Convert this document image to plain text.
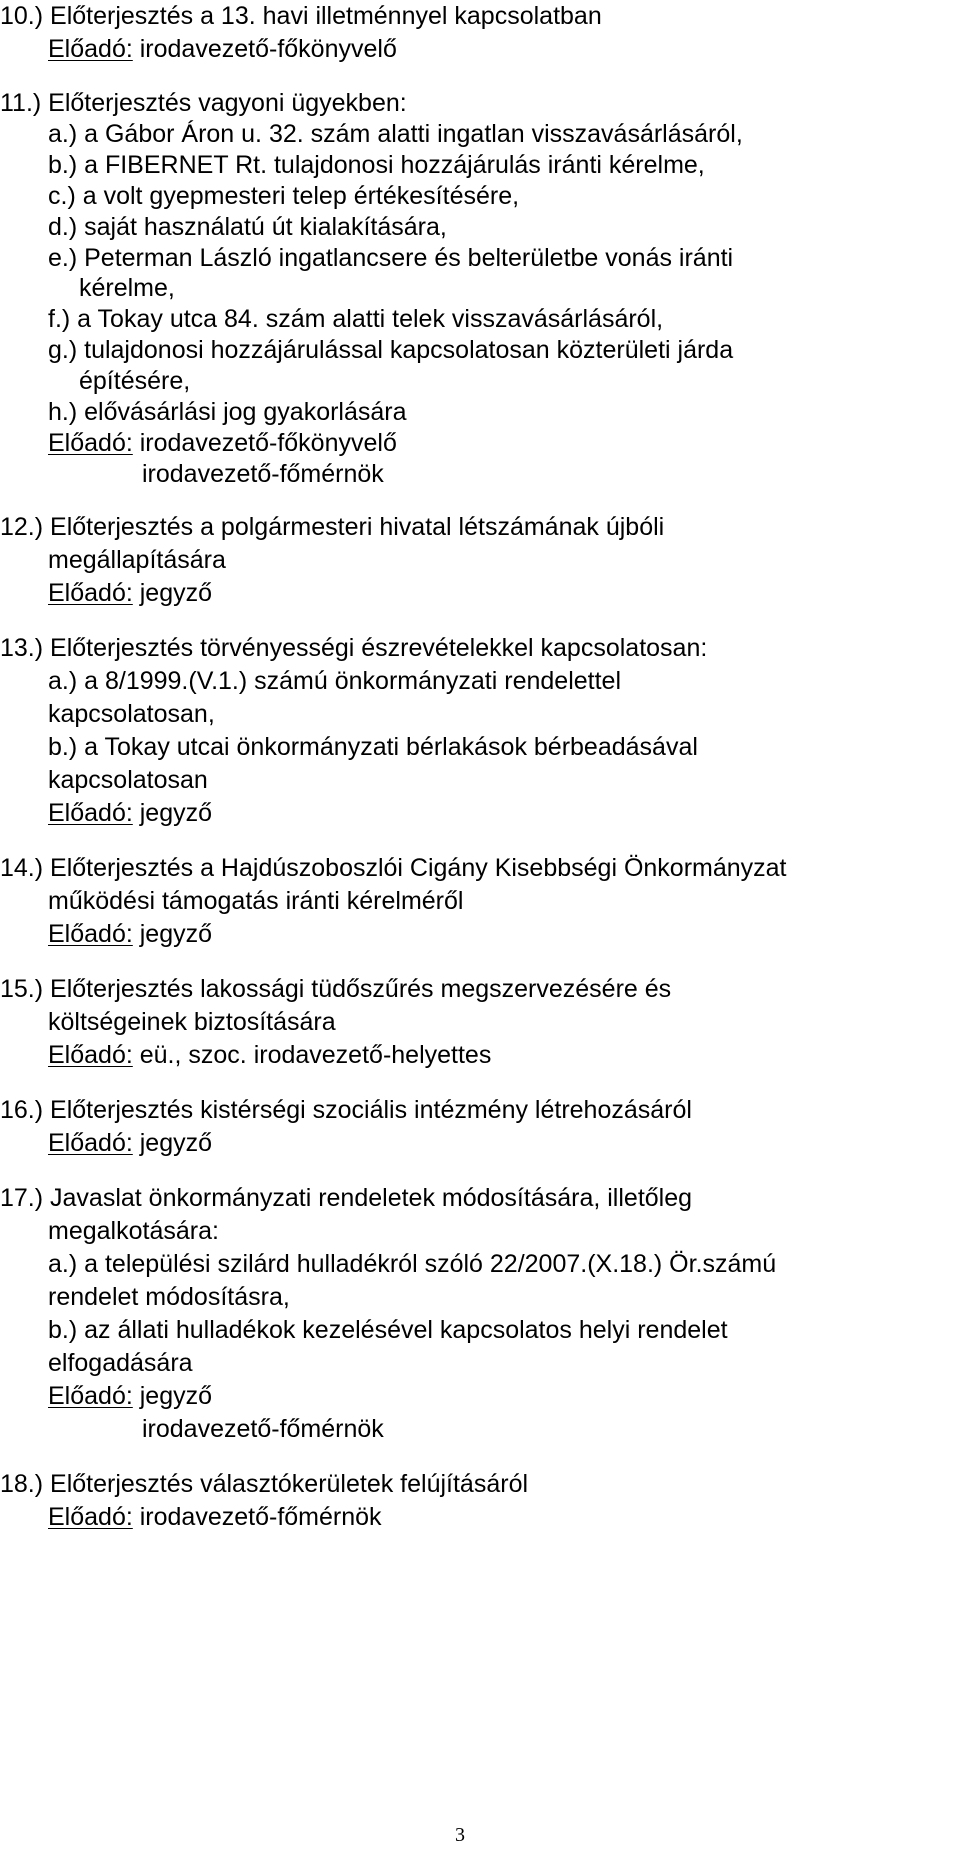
10.) Előterjesztés a 13. havi illetménnyel kapcsolatban
Előadó: irodavezető-főkönyvelő
11.) Előterjesztés vagyoni ügyekben:
a.) a Gábor Áron u. 32. szám alatti ingatlan visszavásárlásáról,
b.) a FIBERNET Rt. tulajdonosi hozzájárulás iránti kérelme,
c.) a volt gyepmesteri telep értékesítésére,
d.) saját használatú út kialakítására,
e.) Peterman László ingatlancsere és belterületbe vonás iránti
kérelme,
f.) a Tokay utca 84. szám alatti telek visszavásárlásáról,
g.) tulajdonosi hozzájárulással kapcsolatosan közterületi járda
építésére,
h.) elővásárlási jog gyakorlására
Előadó: irodavezető-főkönyvelő
irodavezető-főmérnök
12.) Előterjesztés a polgármesteri hivatal létszámának újbóli
megállapítására
Előadó: jegyző
13.) Előterjesztés törvényességi észrevételekkel kapcsolatosan:
a.) a 8/1999.(V.1.) számú önkormányzati rendelettel
kapcsolatosan,
b.) a Tokay utcai önkormányzati bérlakások bérbeadásával
kapcsolatosan
Előadó: jegyző
14.) Előterjesztés a Hajdúszoboszlói Cigány Kisebbségi Önkormányzat
működési támogatás iránti kérelméről
Előadó: jegyző
15.) Előterjesztés lakossági tüdőszűrés megszervezésére és
költségeinek biztosítására
Előadó: eü., szoc. irodavezető-helyettes
16.) Előterjesztés kistérségi szociális intézmény létrehozásáról
Előadó: jegyző
17.) Javaslat önkormányzati rendeletek módosítására, illetőleg
megalkotására:
a.) a települési szilárd hulladékról szóló 22/2007.(X.18.) Ör.számú
rendelet módosításra,
b.) az állati hulladékok kezelésével kapcsolatos helyi rendelet
elfogadására
Előadó: jegyző
irodavezető-főmérnök
18.) Előterjesztés választókerületek felújításáról
Előadó: irodavezető-főmérnök
3
